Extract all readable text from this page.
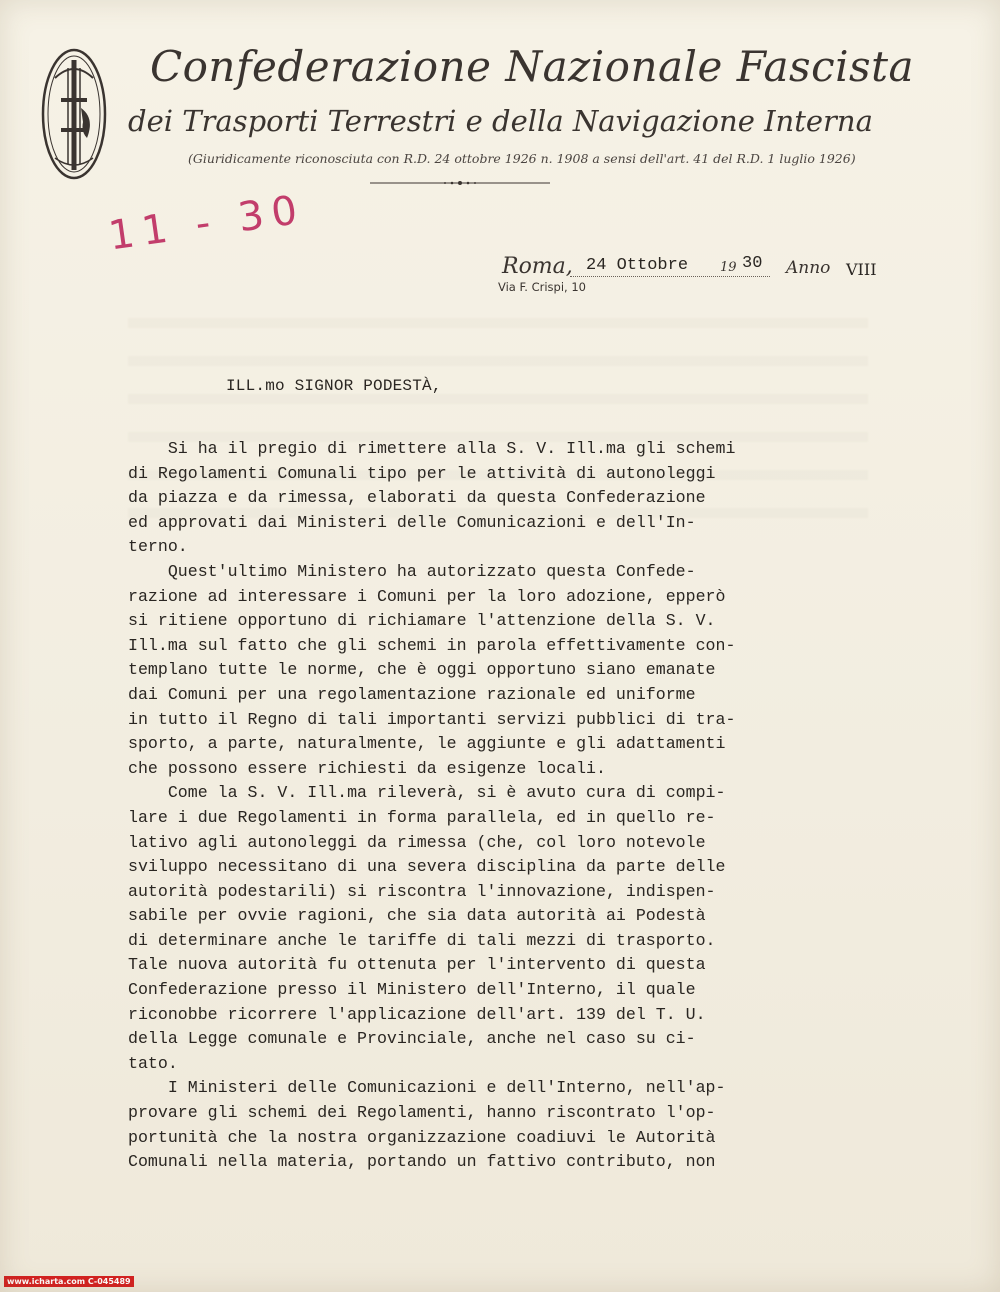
Confederazione Nazionale Fascista
dei Trasporti Terrestri e della Navigazione Interna
(Giuridicamente riconosciuta con R.D. 24 ottobre 1926 n. 1908 a sensi dell'art. 41 del R.D. 1 luglio 1926)
11 - 30
Roma, 24 Ottobre 19 30 Anno VIII
Via F. Crispi, 10
ILL.mo SIGNOR PODESTÀ,

Si ha il pregio di rimettere alla S. V. Ill.ma gli schemi

di Regolamenti Comunali tipo per le attività di autonoleggi

da piazza e da rimessa, elaborati da questa Confederazione

ed approvati dai Ministeri delle Comunicazioni e dell'In-

terno.

Quest'ultimo Ministero ha autorizzato questa Confede-

razione ad interessare i Comuni per la loro adozione, epperò

si ritiene opportuno di richiamare l'attenzione della S. V.

Ill.ma sul fatto che gli schemi in parola effettivamente con-

templano tutte le norme, che è oggi opportuno siano emanate

dai Comuni per una regolamentazione razionale ed uniforme

in tutto il Regno di tali importanti servizi pubblici di tra-

sporto, a parte, naturalmente, le aggiunte e gli adattamenti

che possono essere richiesti da esigenze locali.

Come la S. V. Ill.ma rileverà, si è avuto cura di compi-

lare i due Regolamenti in forma parallela, ed in quello re-

lativo agli autonoleggi da rimessa (che, col loro notevole

sviluppo necessitano di una severa disciplina da parte delle

autorità podestarili) si riscontra l'innovazione, indispen-

sabile per ovvie ragioni, che sia data autorità ai Podestà

di determinare anche le tariffe di tali mezzi di trasporto.

Tale nuova autorità fu ottenuta per l'intervento di questa

Confederazione presso il Ministero dell'Interno, il quale

riconobbe ricorrere l'applicazione dell'art. 139 del T. U.

della Legge comunale e Provinciale, anche nel caso su ci-

tato.

I Ministeri delle Comunicazioni e dell'Interno, nell'ap-

provare gli schemi dei Regolamenti, hanno riscontrato l'op-

portunità che la nostra organizzazione coadiuvi le Autorità

Comunali nella materia, portando un fattivo contributo, non

www.icharta.com C-045489
